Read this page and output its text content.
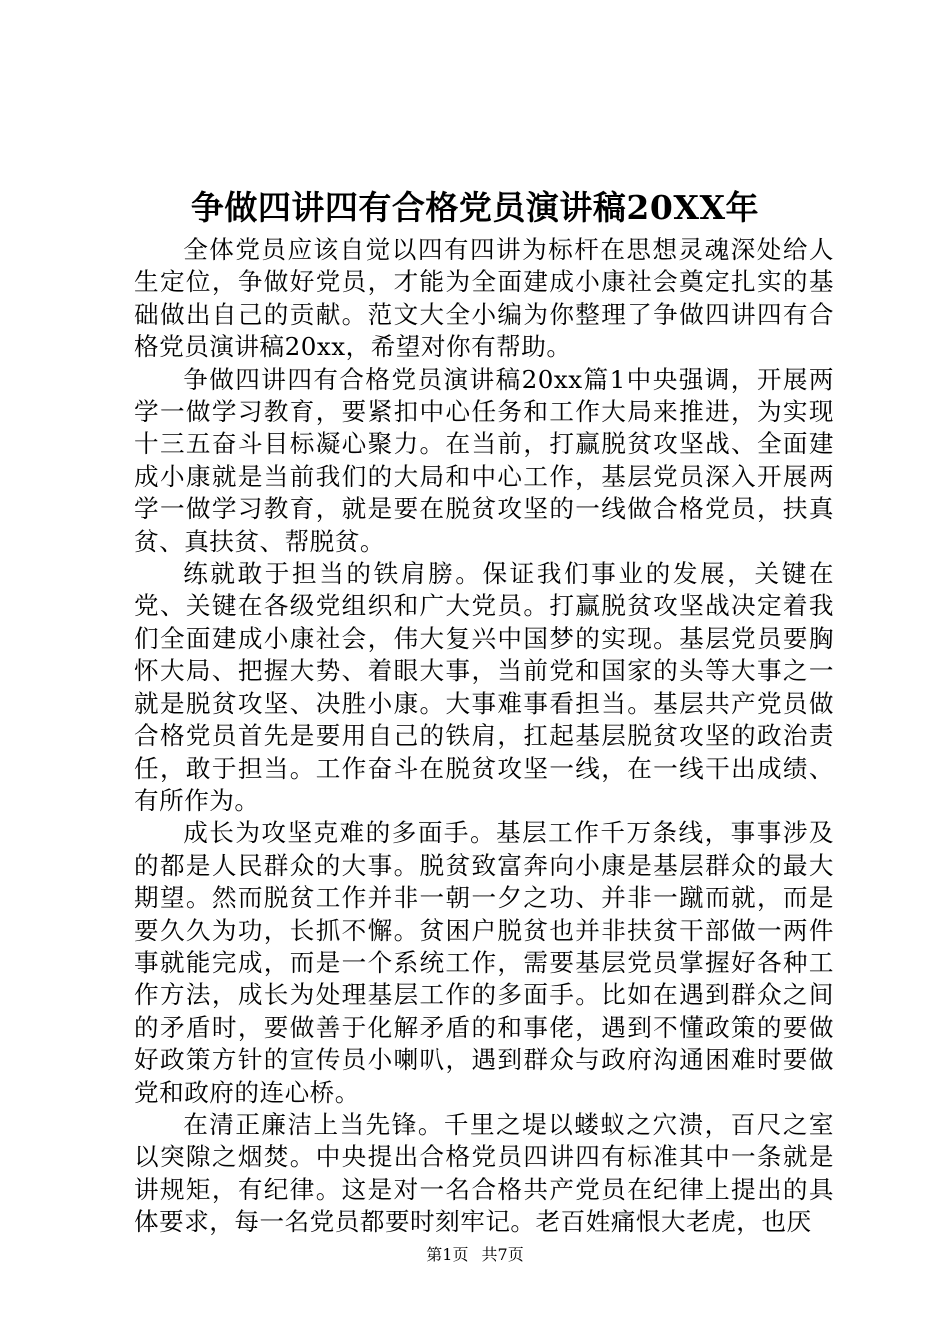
争做四讲四有合格党员演讲稿20XX年

全体党员应该自觉以四有四讲为标杆在思想灵魂深处给人生定位，争做好党员，才能为全面建成小康社会奠定扎实的基础做出自己的贡献。范文大全小编为你整理了争做四讲四有合格党员演讲稿20xx，希望对你有帮助。

争做四讲四有合格党员演讲稿20xx篇1中央强调，开展两学一做学习教育，要紧扣中心任务和工作大局来推进，为实现十三五奋斗目标凝心聚力。在当前，打赢脱贫攻坚战、全面建成小康就是当前我们的大局和中心工作，基层党员深入开展两学一做学习教育，就是要在脱贫攻坚的一线做合格党员，扶真贫、真扶贫、帮脱贫。

练就敢于担当的铁肩膀。保证我们事业的发展，关键在党、关键在各级党组织和广大党员。打赢脱贫攻坚战决定着我们全面建成小康社会，伟大复兴中国梦的实现。基层党员要胸怀大局、把握大势、着眼大事，当前党和国家的头等大事之一就是脱贫攻坚、决胜小康。大事难事看担当。基层共产党员做合格党员首先是要用自己的铁肩，扛起基层脱贫攻坚的政治责任，敢于担当。工作奋斗在脱贫攻坚一线，在一线干出成绩、有所作为。

成长为攻坚克难的多面手。基层工作千万条线，事事涉及的都是人民群众的大事。脱贫致富奔向小康是基层群众的最大期望。然而脱贫工作并非一朝一夕之功、并非一蹴而就，而是要久久为功，长抓不懈。贫困户脱贫也并非扶贫干部做一两件事就能完成，而是一个系统工作，需要基层党员掌握好各种工作方法，成长为处理基层工作的多面手。比如在遇到群众之间的矛盾时，要做善于化解矛盾的和事佬，遇到不懂政策的要做好政策方针的宣传员小喇叭，遇到群众与政府沟通困难时要做党和政府的连心桥。

在清正廉洁上当先锋。千里之堤以蝼蚁之穴溃，百尺之室以突隙之烟焚。中央提出合格党员四讲四有标准其中一条就是讲规矩，有纪律。这是对一名合格共产党员在纪律上提出的具体要求，每一名党员都要时刻牢记。老百姓痛恨大老虎，也厌

第1页 共7页
